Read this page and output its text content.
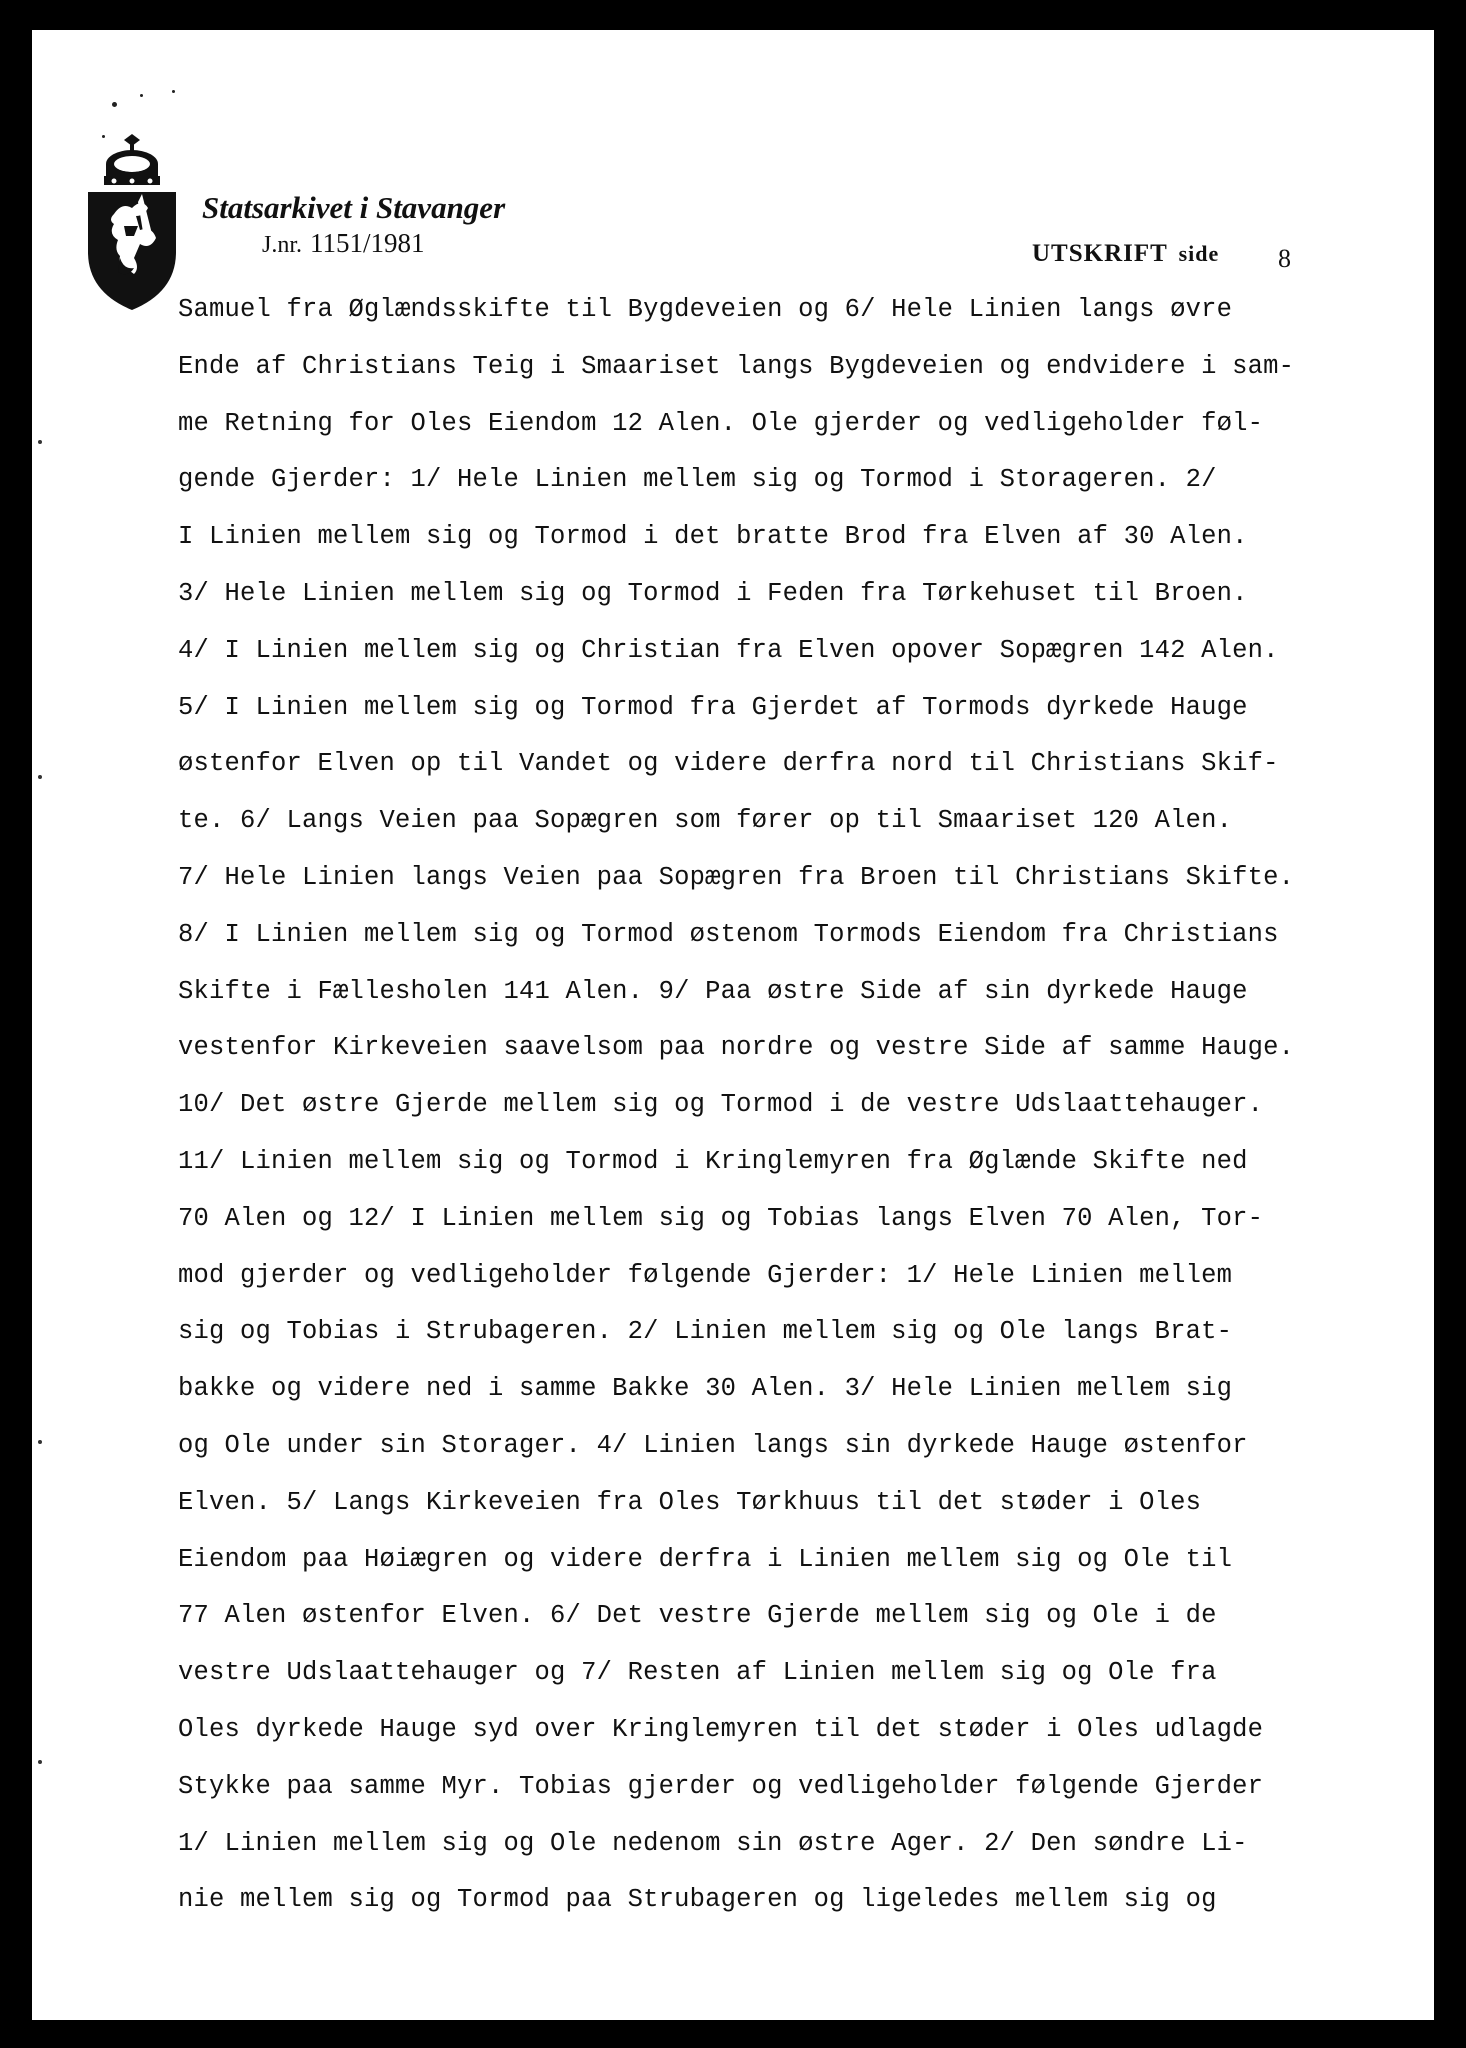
Statsarkivet i Stavanger
J.nr. 1151/1981	UTSKRIFT side 8
Samuel fra Øglændsskifte til Bygdeveien og 6/ Hele Linien langs øvre
Ende af Christians Teig i Smaariset langs Bygdeveien og endvidere i sam-
me Retning for Oles Eiendom 12 Alen. Ole gjerder og vedligeholder føl-
gende Gjerder: 1/ Hele Linien mellem sig og Tormod i Storageren. 2/
I Linien mellem sig og Tormod i det bratte Brod fra Elven af 30 Alen.
3/ Hele Linien mellem sig og Tormod i Feden fra Tørkehuset til Broen.
4/ I Linien mellem sig og Christian fra Elven opover Sopægren 142 Alen.
5/ I Linien mellem sig og Tormod fra Gjerdet af Tormods dyrkede Hauge
østenfor Elven op til Vandet og videre derfra nord til Christians Skif-
te. 6/ Langs Veien paa Sopægren som fører op til Smaariset 120 Alen.
7/ Hele Linien langs Veien paa Sopægren fra Broen til Christians Skifte.
8/ I Linien mellem sig og Tormod østenom Tormods Eiendom fra Christians
Skifte i Fællesholen 141 Alen. 9/ Paa østre Side af sin dyrkede Hauge
vestenfor Kirkeveien saavelsom paa nordre og vestre Side af samme Hauge.
10/ Det østre Gjerde mellem sig og Tormod i de vestre Udslaattehauger.
11/ Linien mellem sig og Tormod i Kringlemyren fra Øglænde Skifte ned
70 Alen og 12/ I Linien mellem sig og Tobias langs Elven 70 Alen, Tor-
mod gjerder og vedligeholder følgende Gjerder: 1/ Hele Linien mellem
sig og Tobias i Strubageren. 2/ Linien mellem sig og Ole langs Brat-
bakke og videre ned i samme Bakke 30 Alen. 3/ Hele Linien mellem sig
og Ole under sin Storager. 4/ Linien langs sin dyrkede Hauge østenfor
Elven. 5/ Langs Kirkeveien fra Oles Tørkhuus til det støder i Oles
Eiendom paa Høiægren og videre derfra i Linien mellem sig og Ole til
77 Alen østenfor Elven. 6/ Det vestre Gjerde mellem sig og Ole i de
vestre Udslaattehauger og 7/ Resten af Linien mellem sig og Ole fra
Oles dyrkede Hauge syd over Kringlemyren til det støder i Oles udlagde
Stykke paa samme Myr. Tobias gjerder og vedligeholder følgende Gjerder
1/ Linien mellem sig og Ole nedenom sin østre Ager. 2/ Den søndre Li-
nie mellem sig og Tormod paa Strubageren og ligeledes mellem sig og
